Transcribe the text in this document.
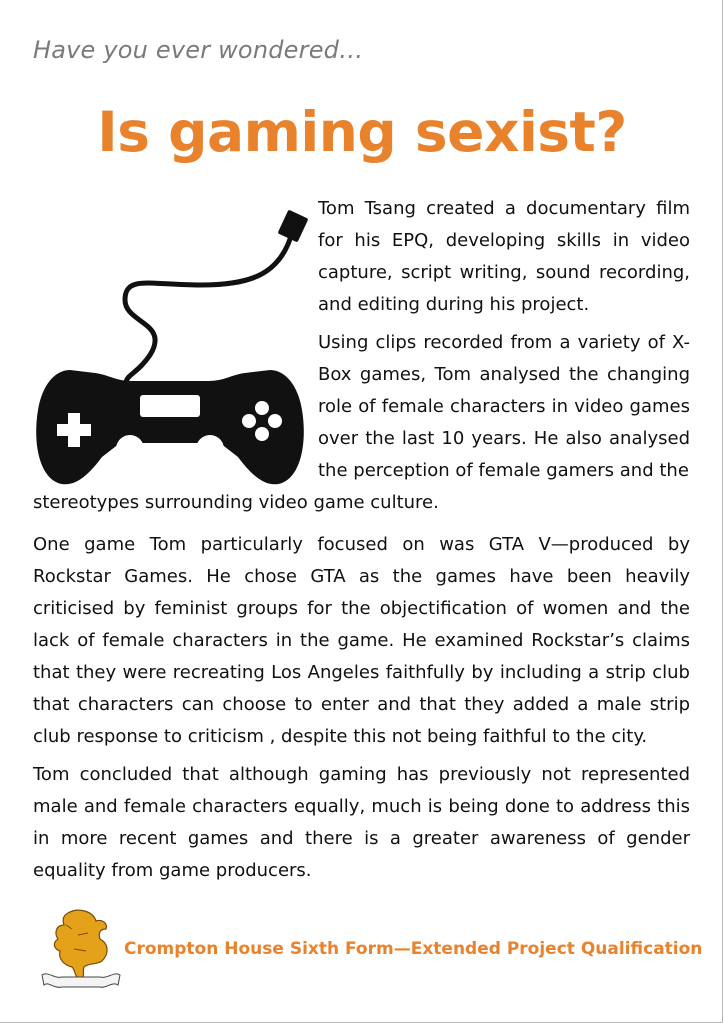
Have you ever wondered…
Is gaming sexist?

Tom Tsang created a documentary film for his EPQ, developing skills in video capture, script writing, sound recording, and editing during his project.

Using clips recorded from a variety of X-Box games, Tom analysed the changing role of female characters in video games over the last 10 years. He also analysed the perception of female gamers and the

stereotypes surrounding video game culture.

One game Tom particularly focused on was GTA V—produced by Rockstar Games. He chose GTA as the games have been heavily criticised by feminist groups for the objectification of women and the lack of female characters in the game. He examined Rockstar’s claims that they were recreating Los Angeles faithfully by including a strip club that characters can choose to enter and that they added a male strip club response to criticism , despite this not being faithful to the city.

Tom concluded that although gaming has previously not represented male and female characters equally, much is being done to address this in more recent games and there is a greater awareness of gender equality from game producers.

Crompton House Sixth Form—Extended Project Qualification
